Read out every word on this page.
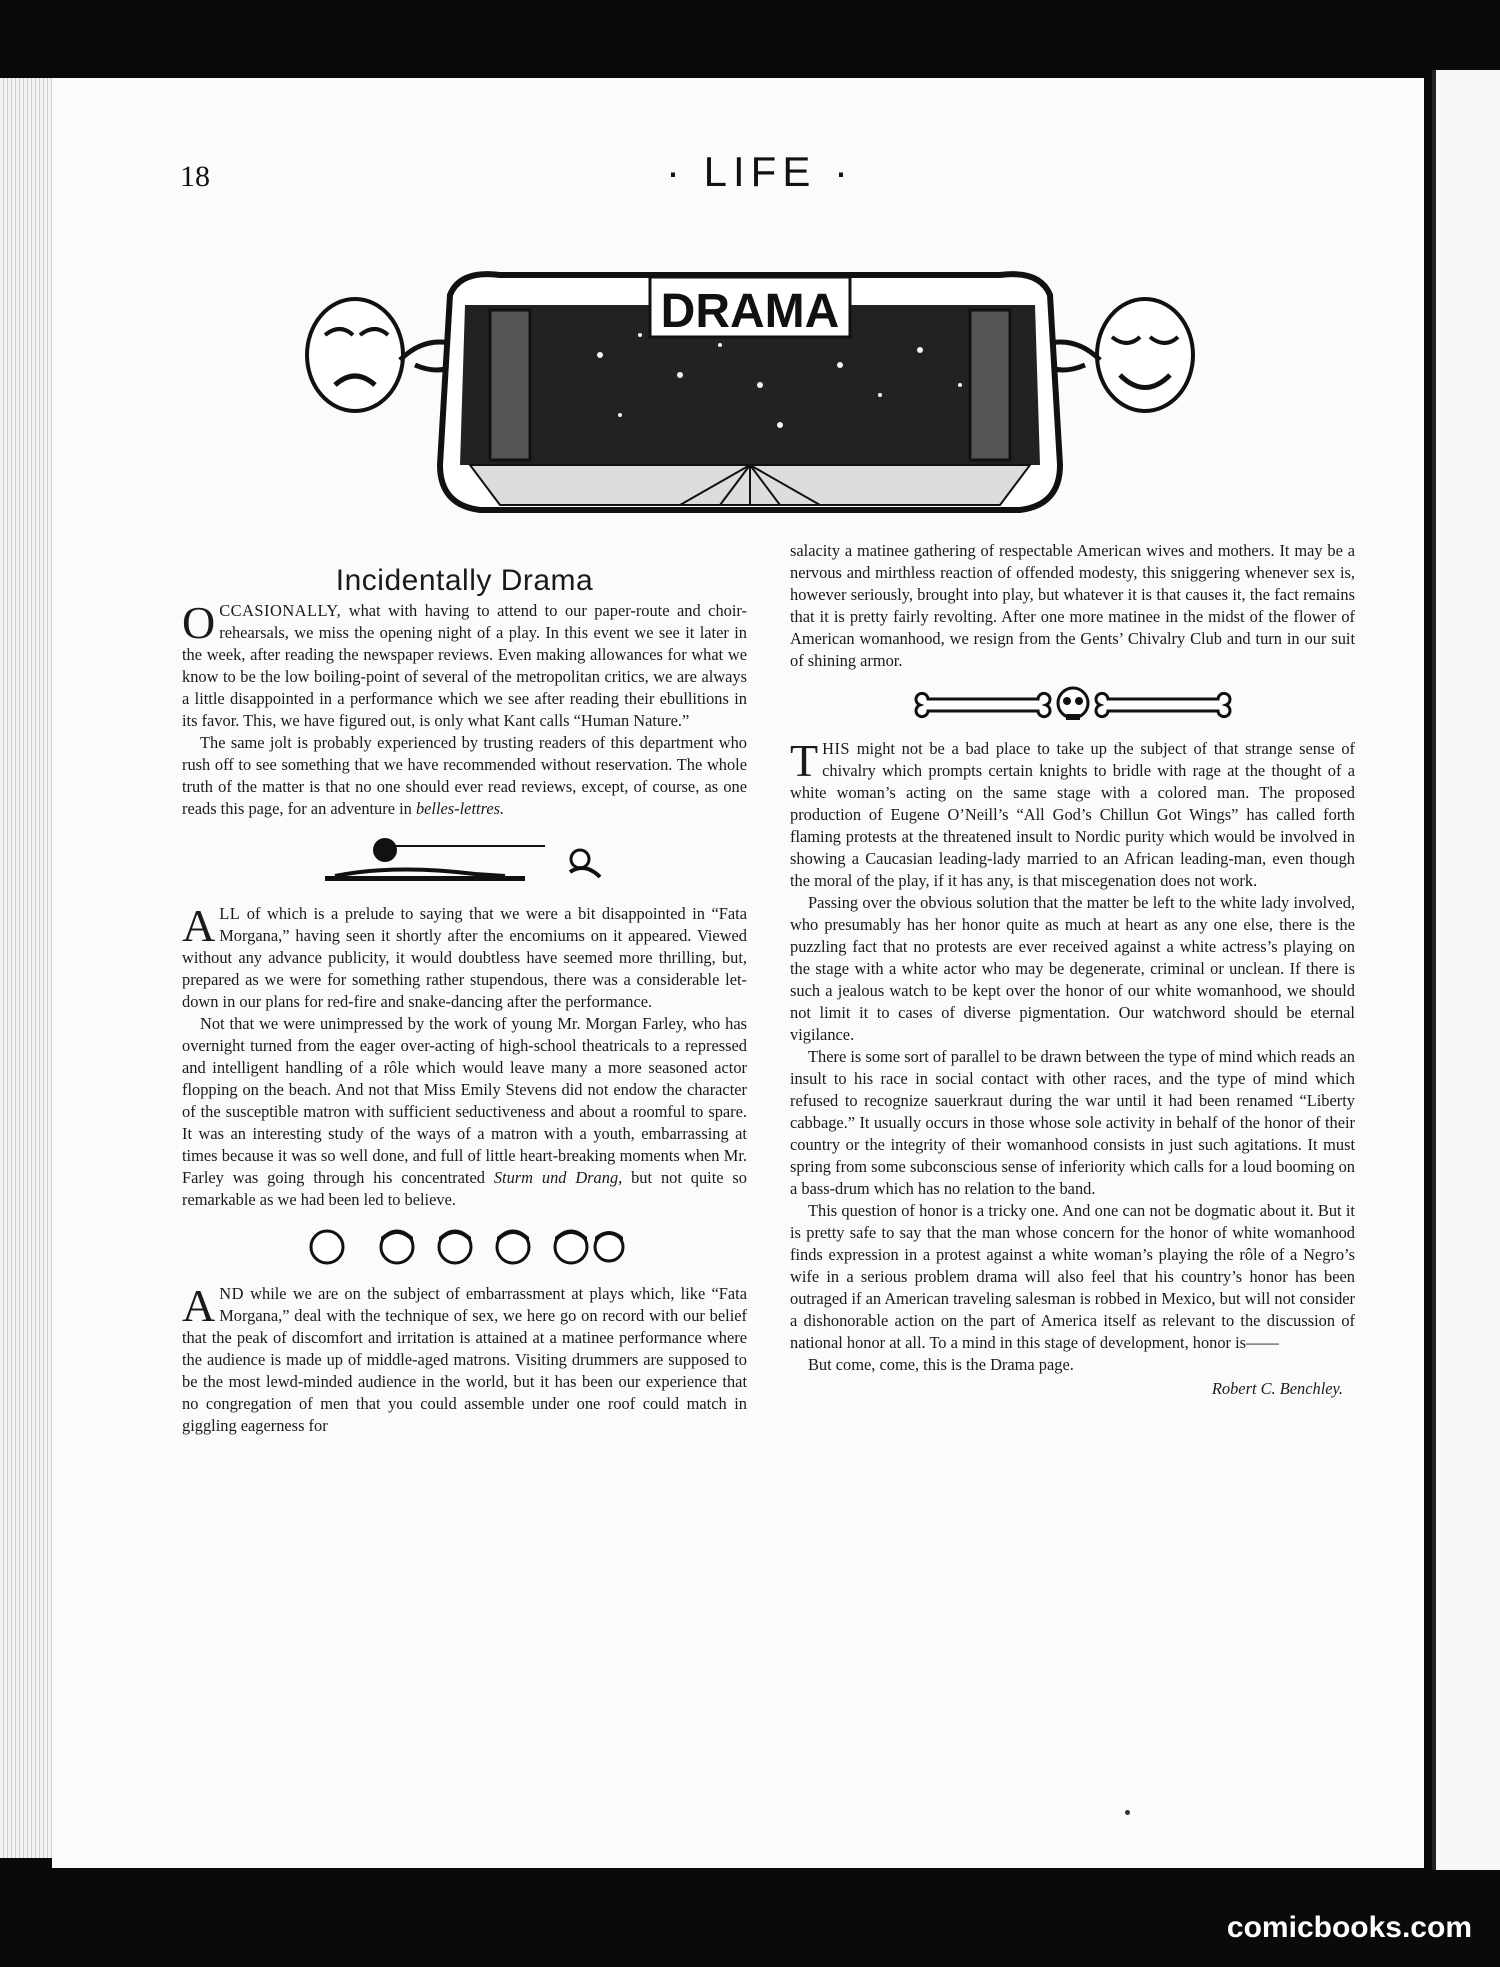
18	· LIFE ·
DRAMA
Incidentally Drama

OCCASIONALLY, what with having to attend to our paper-route and choir-rehearsals, we miss the opening night of a play. In this event we see it later in the week, after reading the newspaper reviews. Even making allowances for what we know to be the low boiling-point of several of the metropolitan critics, we are always a little disappointed in a performance which we see after reading their ebullitions in its favor. This, we have figured out, is only what Kant calls “Human Nature.”

The same jolt is probably experienced by trusting readers of this department who rush off to see something that we have recommended without reservation. The whole truth of the matter is that no one should ever read reviews, except, of course, as one reads this page, for an adventure in belles-lettres.

ALL of which is a prelude to saying that we were a bit disappointed in “Fata Morgana,” having seen it shortly after the encomiums on it appeared. Viewed without any advance publicity, it would doubtless have seemed more thrilling, but, prepared as we were for something rather stupendous, there was a considerable let-down in our plans for red-fire and snake-dancing after the performance.

Not that we were unimpressed by the work of young Mr. Morgan Farley, who has overnight turned from the eager over-acting of high-school theatricals to a repressed and intelligent handling of a rôle which would leave many a more seasoned actor flopping on the beach. And not that Miss Emily Stevens did not endow the character of the susceptible matron with sufficient seductiveness and about a roomful to spare. It was an interesting study of the ways of a matron with a youth, embarrassing at times because it was so well done, and full of little heart-breaking moments when Mr. Farley was going through his concentrated Sturm und Drang, but not quite so remarkable as we had been led to believe.

AND while we are on the subject of embarrassment at plays which, like “Fata Morgana,” deal with the technique of sex, we here go on record with our belief that the peak of discomfort and irritation is attained at a matinee performance where the audience is made up of middle-aged matrons. Visiting drummers are supposed to be the most lewd-minded audience in the world, but it has been our experience that no congregation of men that you could assemble under one roof could match in giggling eagerness for

salacity a matinee gathering of respectable American wives and mothers. It may be a nervous and mirthless reaction of offended modesty, this sniggering whenever sex is, however seriously, brought into play, but whatever it is that causes it, the fact remains that it is pretty fairly revolting. After one more matinee in the midst of the flower of American womanhood, we resign from the Gents’ Chivalry Club and turn in our suit of shining armor.

THIS might not be a bad place to take up the subject of that strange sense of chivalry which prompts certain knights to bridle with rage at the thought of a white woman’s acting on the same stage with a colored man. The proposed production of Eugene O’Neill’s “All God’s Chillun Got Wings” has called forth flaming protests at the threatened insult to Nordic purity which would be involved in showing a Caucasian leading-lady married to an African leading-man, even though the moral of the play, if it has any, is that miscegenation does not work.

Passing over the obvious solution that the matter be left to the white lady involved, who presumably has her honor quite as much at heart as any one else, there is the puzzling fact that no protests are ever received against a white actress’s playing on the stage with a white actor who may be degenerate, criminal or unclean. If there is such a jealous watch to be kept over the honor of our white womanhood, we should not limit it to cases of diverse pigmentation. Our watchword should be eternal vigilance.

There is some sort of parallel to be drawn between the type of mind which reads an insult to his race in social contact with other races, and the type of mind which refused to recognize sauerkraut during the war until it had been renamed “Liberty cabbage.” It usually occurs in those whose sole activity in behalf of the honor of their country or the integrity of their womanhood consists in just such agitations. It must spring from some subconscious sense of inferiority which calls for a loud booming on a bass-drum which has no relation to the band.

This question of honor is a tricky one. And one can not be dogmatic about it. But it is pretty safe to say that the man whose concern for the honor of white womanhood finds expression in a protest against a white woman’s playing the rôle of a Negro’s wife in a serious problem drama will also feel that his country’s honor has been outraged if an American traveling salesman is robbed in Mexico, but will not consider a dishonorable action on the part of America itself as relevant to the discussion of national honor at all. To a mind in this stage of development, honor is——

But come, come, this is the Drama page.

Robert C. Benchley.
comicbooks.com
